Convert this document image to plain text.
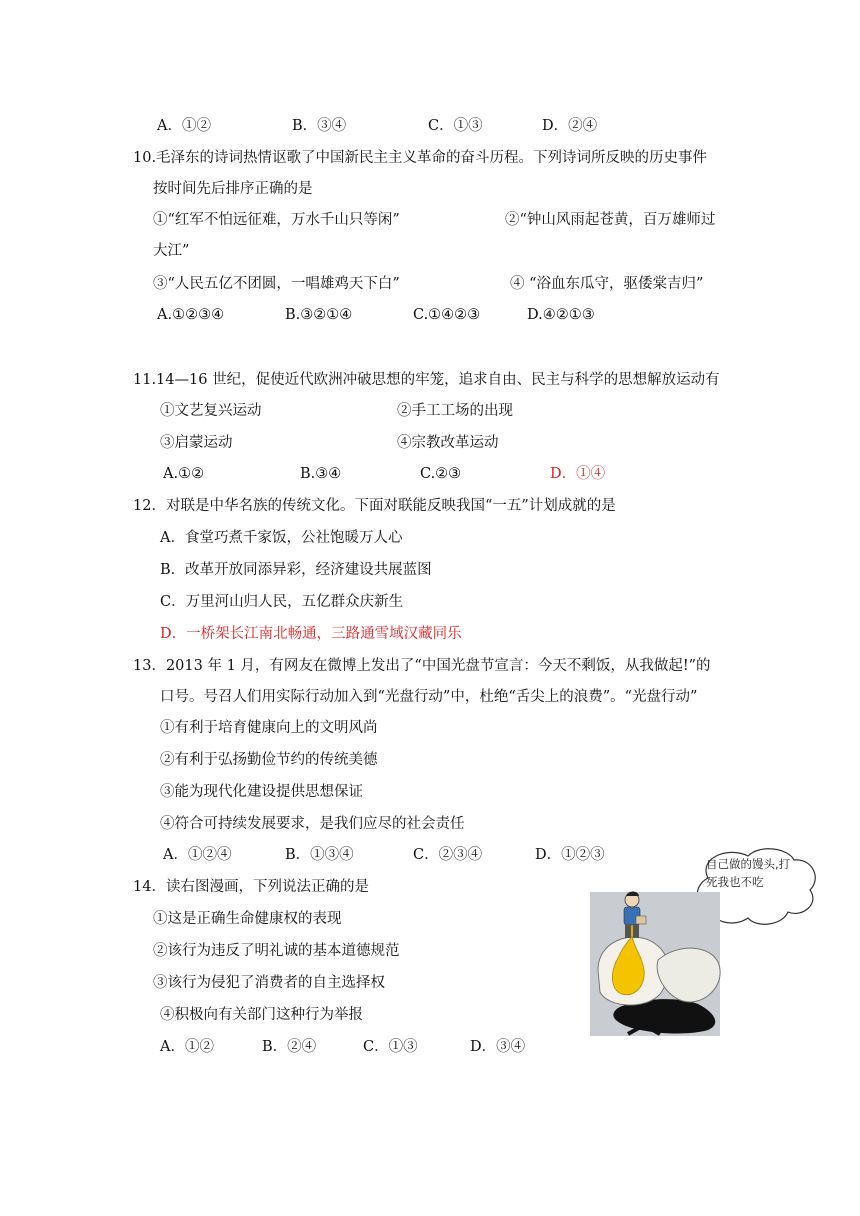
A．①②	B．③④	C．①③	D．②④
10.毛泽东的诗词热情讴歌了中国新民主主义革命的奋斗历程。下列诗词所反映的历史事件
按时间先后排序正确的是
①“红军不怕远征难，万水千山只等闲”	②“钟山风雨起苍黄，百万雄师过
大江”
③“人民五亿不团圆，一唱雄鸡天下白”	④ “浴血东瓜守，驱倭棠吉归”
A.①②③④	B.③②①④	C.①④②③	D.④②①③
11.14—16 世纪，促使近代欧洲冲破思想的牢笼，追求自由、民主与科学的思想解放运动有
①文艺复兴运动	②手工工场的出现
③启蒙运动	④宗教改革运动
A.①②	B.③④	C.②③	D．①④
12．对联是中华名族的传统文化。下面对联能反映我国“一五”计划成就的是
A．食堂巧煮千家饭，公社饱暖万人心
B．改革开放同添异彩，经济建设共展蓝图
C．万里河山归人民，五亿群众庆新生
D．一桥架长江南北畅通，三路通雪域汉藏同乐
13．2013 年 1 月，有网友在微博上发出了“中国光盘节宣言：今天不剩饭，从我做起!”的
口号。号召人们用实际行动加入到“光盘行动”中，杜绝“舌尖上的浪费”。“光盘行动”
①有利于培育健康向上的文明风尚
②有利于弘扬勤俭节约的传统美德
③能为现代化建设提供思想保证
④符合可持续发展要求，是我们应尽的社会责任
A．①②④	B．①③④	C．②③④	D．①②③
14．读右图漫画，下列说法正确的是
①这是正确生命健康权的表现
②该行为违反了明礼诚的基本道德规范
③该行为侵犯了消费者的自主选择权
④积极向有关部门这种行为举报
A．①②	B．②④	C．①③	D．③④
自己做的馒头,打死我也不吃
